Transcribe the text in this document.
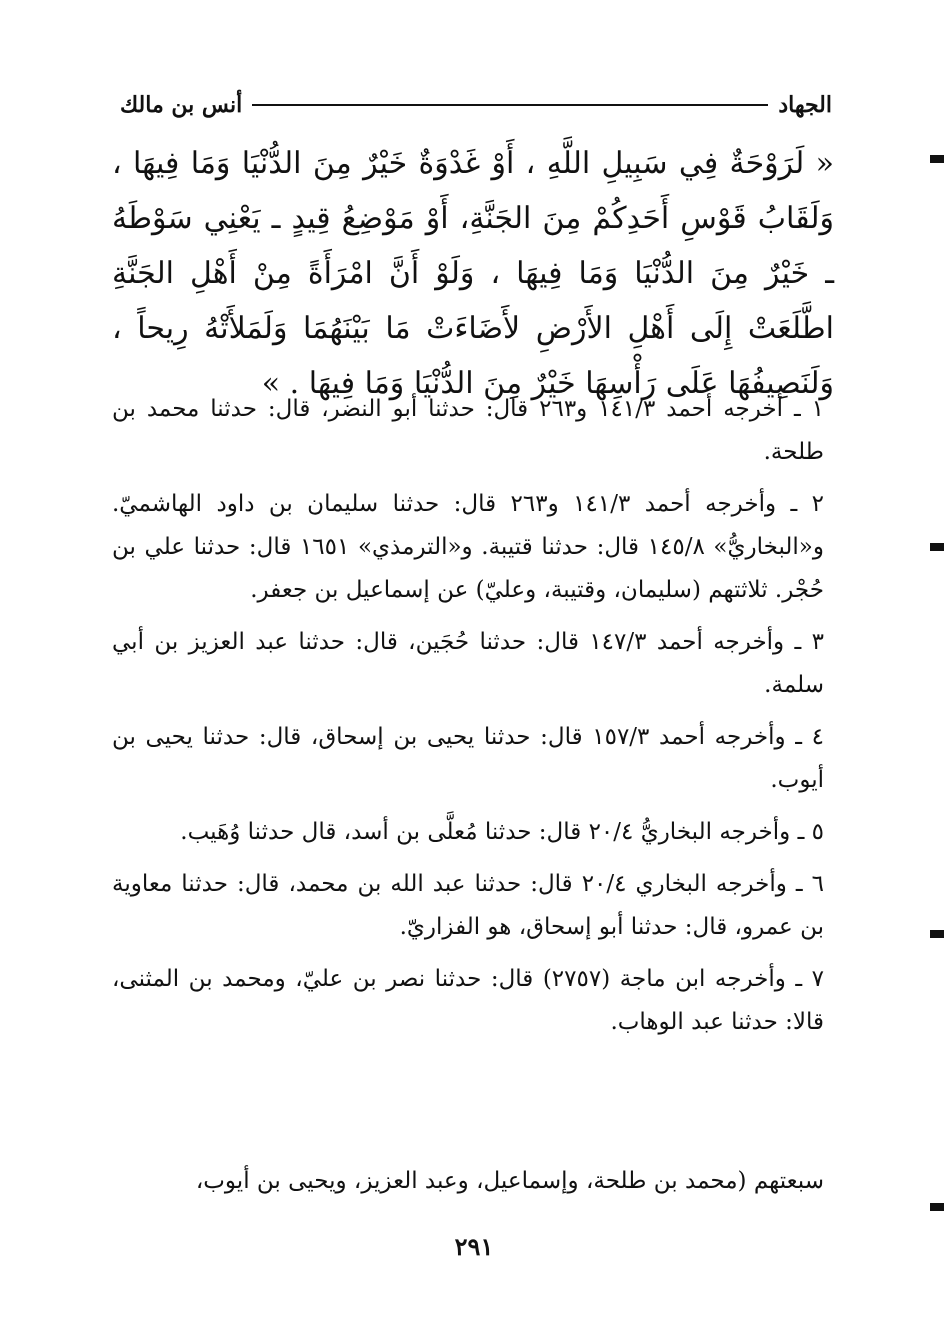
الجهاد
أنس بن مالك
« لَرَوْحَةٌ فِي سَبِيلِ اللَّهِ ، أَوْ غَدْوَةٌ خَيْرٌ مِنَ الدُّنْيَا وَمَا فِيهَا ، وَلَقَابُ قَوْسِ أَحَدِكُمْ مِنَ الجَنَّةِ، أَوْ مَوْضِعُ قِيدٍ ـ يَعْنِي سَوْطَهُ ـ خَيْرٌ مِنَ الدُّنْيَا وَمَا فِيهَا ، وَلَوْ أَنَّ امْرَأَةً مِنْ أَهْلِ الجَنَّةِ اطَّلَعَتْ إِلَى أَهْلِ الأَرْضِ لأَضَاءَتْ مَا بَيْنَهُمَا وَلَمَلأَتْهُ رِيحاً ، وَلَنَصِيفُهَا عَلَى رَأْسِهَا خَيْرٌ مِنَ الدُّنْيَا وَمَا فِيهَا . »

١ ـ أخرجه أحمد ١٤١/٣ و٢٦٣ قال: حدثنا أبو النضر، قال: حدثنا محمد بن طلحة.

٢ ـ وأخرجه أحمد ١٤١/٣ و٢٦٣ قال: حدثنا سليمان بن داود الهاشميّ. و«البخاريُّ» ١٤٥/٨ قال: حدثنا قتيبة. و«الترمذي» ١٦٥١ قال: حدثنا علي بن حُجْر. ثلاثتهم (سليمان، وقتيبة، وعليّ) عن إسماعيل بن جعفر.

٣ ـ وأخرجه أحمد ١٤٧/٣ قال: حدثنا حُجَين، قال: حدثنا عبد العزيز بن أبي سلمة.

٤ ـ وأخرجه أحمد ١٥٧/٣ قال: حدثنا يحيى بن إسحاق، قال: حدثنا يحيى بن أيوب.

٥ ـ وأخرجه البخاريُّ ٢٠/٤ قال: حدثنا مُعلَّى بن أسد، قال حدثنا وُهَيب.

٦ ـ وأخرجه البخاري ٢٠/٤ قال: حدثنا عبد الله بن محمد، قال: حدثنا معاوية بن عمرو، قال: حدثنا أبو إسحاق، هو الفزاريّ.

٧ ـ وأخرجه ابن ماجة (٢٧٥٧) قال: حدثنا نصر بن عليّ، ومحمد بن المثنى، قالا: حدثنا عبد الوهاب.

سبعتهم (محمد بن طلحة، وإسماعيل، وعبد العزيز، ويحيى بن أيوب،
٢٩١
